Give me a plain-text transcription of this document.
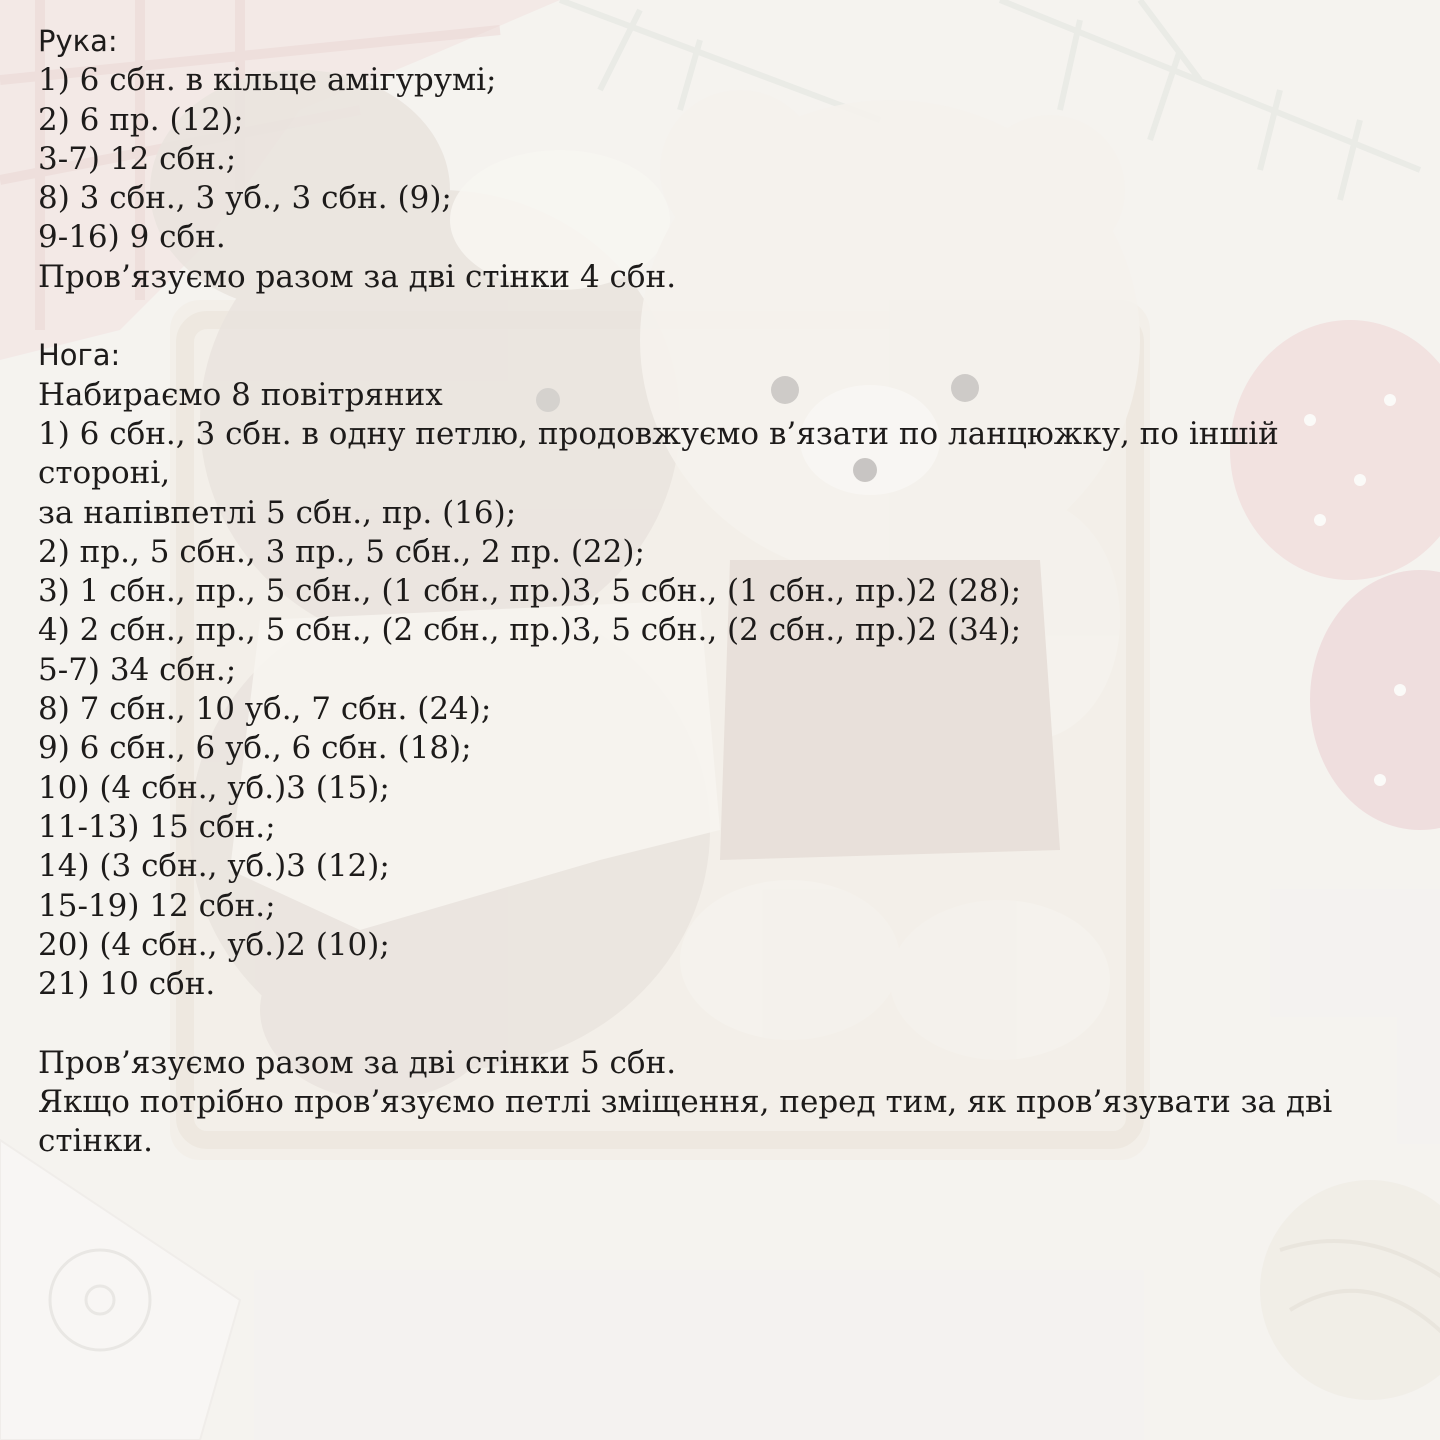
Рука:
1) 6 сбн. в кільце амігурумі;
2) 6 пр. (12);
3-7) 12 сбн.;
8) 3 сбн., 3 уб., 3 сбн. (9);
9-16) 9 сбн.
Пров’язуємо разом за дві стінки 4 сбн.
Нога:
Набираємо 8 повітряних
1) 6 сбн., 3 сбн. в одну петлю, продовжуємо в’язати по ланцюжку, по іншій стороні,
за напівпетлі 5 сбн., пр. (16);
2) пр., 5 сбн., 3 пр., 5 сбн., 2 пр. (22);
3) 1 сбн., пр., 5 сбн., (1 сбн., пр.)3, 5 сбн., (1 сбн., пр.)2 (28);
4) 2 сбн., пр., 5 сбн., (2 сбн., пр.)3, 5 сбн., (2 сбн., пр.)2 (34);
5-7) 34 сбн.;
8) 7 сбн., 10 уб., 7 сбн. (24);
9) 6 сбн., 6 уб., 6 сбн. (18);
10) (4 сбн., уб.)3 (15);
11-13) 15 сбн.;
14) (3 сбн., уб.)3 (12);
15-19) 12 сбн.;
20) (4 сбн., уб.)2 (10);
21) 10 сбн.
Пров’язуємо разом за дві стінки 5 сбн.
Якщо потрібно пров’язуємо петлі зміщення, перед тим, як пров’язувати за дві
стінки.
